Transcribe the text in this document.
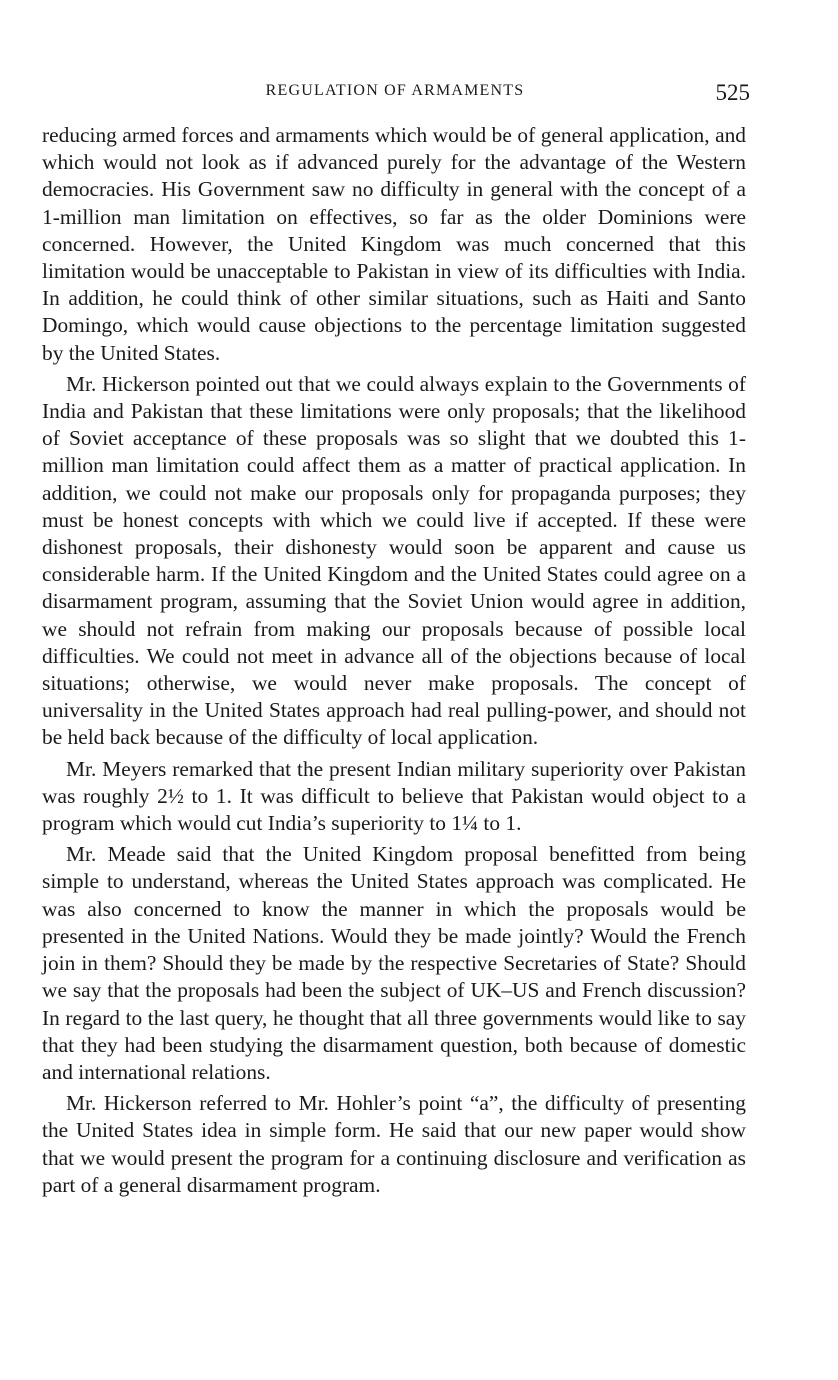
REGULATION OF ARMAMENTS	525

reducing armed forces and armaments which would be of general application, and which would not look as if advanced purely for the advantage of the Western democracies. His Government saw no difficulty in general with the concept of a 1-million man limitation on effectives, so far as the older Dominions were concerned. However, the United Kingdom was much concerned that this limitation would be unacceptable to Pakistan in view of its difficulties with India. In addition, he could think of other similar situations, such as Haiti and Santo Domingo, which would cause objections to the percentage limitation suggested by the United States.

Mr. Hickerson pointed out that we could always explain to the Governments of India and Pakistan that these limitations were only proposals; that the likelihood of Soviet acceptance of these proposals was so slight that we doubted this 1-million man limitation could affect them as a matter of practical application. In addition, we could not make our proposals only for propaganda purposes; they must be honest concepts with which we could live if accepted. If these were dishonest proposals, their dishonesty would soon be apparent and cause us considerable harm. If the United Kingdom and the United States could agree on a disarmament program, assuming that the Soviet Union would agree in addition, we should not refrain from making our proposals because of possible local difficulties. We could not meet in advance all of the objections because of local situations; otherwise, we would never make proposals. The concept of universality in the United States approach had real pulling-power, and should not be held back because of the difficulty of local application.

Mr. Meyers remarked that the present Indian military superiority over Pakistan was roughly 2½ to 1. It was difficult to believe that Pakistan would object to a program which would cut India’s superiority to 1¼ to 1.

Mr. Meade said that the United Kingdom proposal benefitted from being simple to understand, whereas the United States approach was complicated. He was also concerned to know the manner in which the proposals would be presented in the United Nations. Would they be made jointly? Would the French join in them? Should they be made by the respective Secretaries of State? Should we say that the proposals had been the subject of UK–US and French discussion? In regard to the last query, he thought that all three governments would like to say that they had been studying the disarmament question, both because of domestic and international relations.

Mr. Hickerson referred to Mr. Hohler’s point “a”, the difficulty of presenting the United States idea in simple form. He said that our new paper would show that we would present the program for a continuing disclosure and verification as part of a general disarmament program.
